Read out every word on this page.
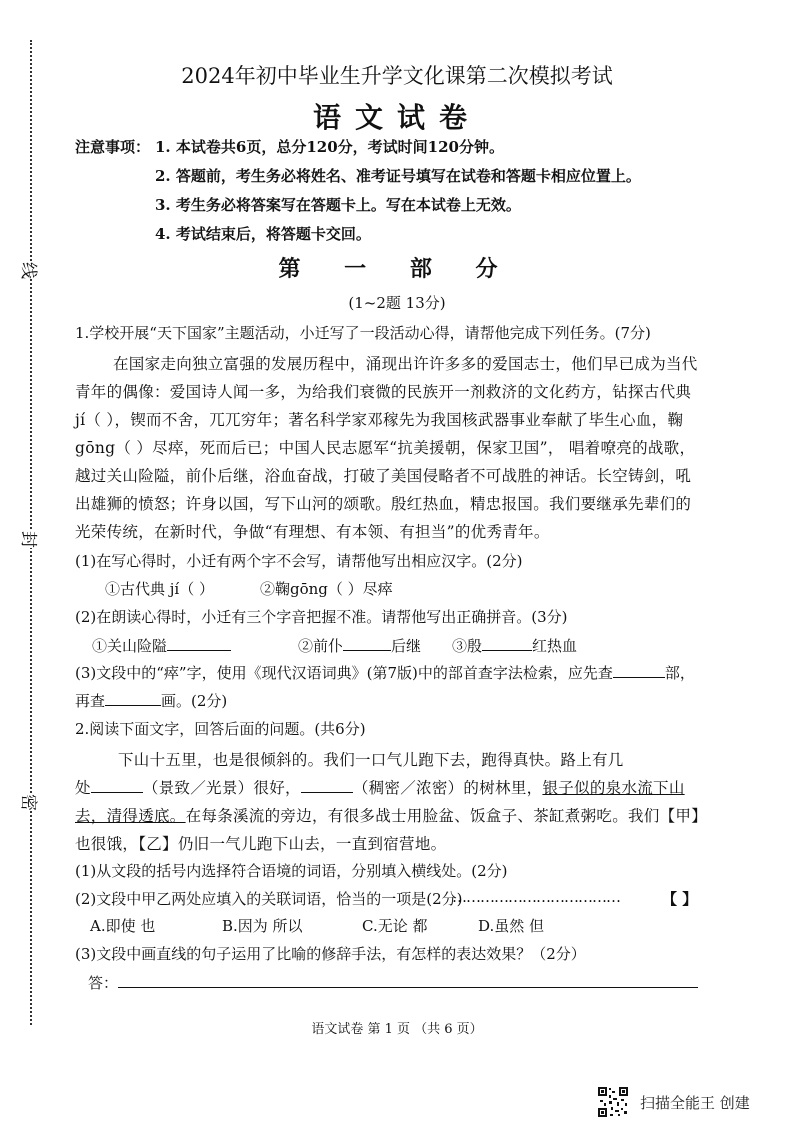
线
封
密
2024年初中毕业生升学文化课第二次模拟考试
语文试卷
注意事项： 1. 本试卷共6页，总分120分，考试时间120分钟。
2. 答题前，考生务必将姓名、准考证号填写在试卷和答题卡相应位置上。
3. 考生务必将答案写在答题卡上。写在本试卷上无效。
4. 考试结束后，将答题卡交回。
第 一 部 分
(1~2题 13分)
1.学校开展“天下国家”主题活动，小迁写了一段活动心得，请帮他完成下列任务。(7分)
在国家走向独立富强的发展历程中，涌现出许许多多的爱国志士，他们早已成为当代
青年的偶像：爱国诗人闻一多，为给我们衰微的民族开一剂救济的文化药方，钻探古代典
jí（ ），锲而不舍，兀兀穷年；著名科学家邓稼先为我国核武器事业奉献了毕生心血，鞠
gōng（ ）尽瘁，死而后已；中国人民志愿军“抗美援朝，保家卫国”， 唱着嘹亮的战歌，
越过关山险隘，前仆后继，浴血奋战，打破了美国侵略者不可战胜的神话。长空铸剑，吼
出雄狮的愤怒；许身以国，写下山河的颂歌。殷红热血，精忠报国。我们要继承先辈们的
光荣传统，在新时代，争做“有理想、有本领、有担当”的优秀青年。
(1)在写心得时，小迁有两个字不会写，请帮他写出相应汉字。(2分)
①古代典 jí（ ）	②鞠gōng（ ）尽瘁
(2)在朗读心得时，小迁有三个字音把握不准。请帮他写出正确拼音。(3分)
①关山险隘	②前仆	后继 ③殷	红热血
(3)文段中的“瘁”字，使用《现代汉语词典》(第7版)中的部首查字法检索，应先查	部，
再查	画。(2分)
2.阅读下面文字，回答后面的问题。(共6分)
下山十五里，也是很倾斜的。我们一口气儿跑下去，跑得真快。路上有几
处	（景致／光景）很好，	（稠密／浓密）的树林里，银子似的泉水流下山
去，清得透底。在每条溪流的旁边，有很多战士用脸盆、饭盒子、茶缸煮粥吃。我们【甲】
也很饿，【乙】仍旧一气儿跑下山去，一直到宿营地。
(1)从文段的括号内选择符合语境的词语，分别填入横线处。(2分)
(2)文段中甲乙两处应填入的关联词语，恰当的一项是(2分)
………………………………	【 】
A.即使 也	B.因为 所以	C.无论 都	D.虽然 但
(3)文段中画直线的句子运用了比喻的修辞手法，有怎样的表达效果？（2分）
答：
语文试卷 第 1 页 （共 6 页）
扫描全能王 创建
